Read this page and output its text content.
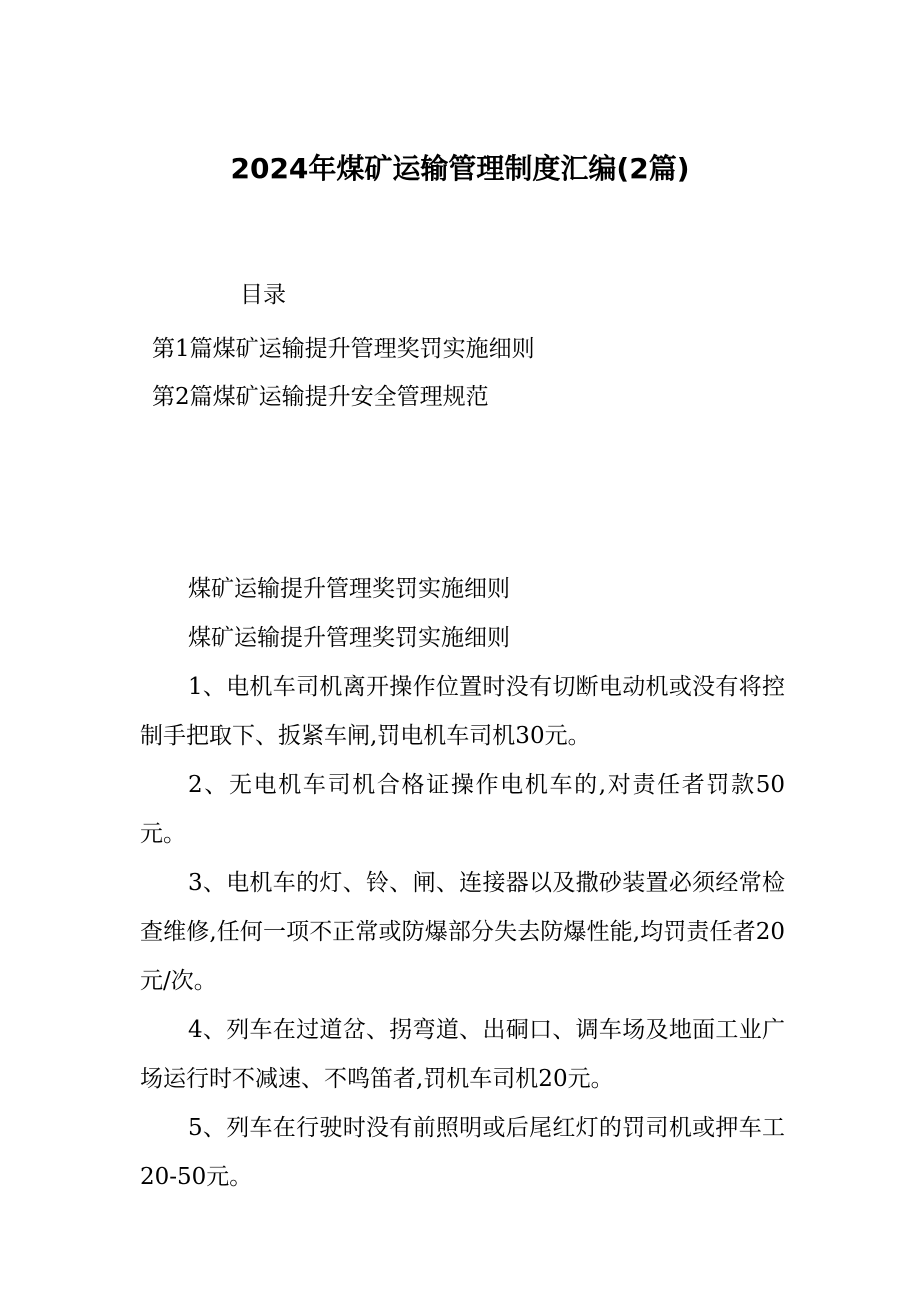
2024年煤矿运输管理制度汇编(2篇)
目录
第1篇煤矿运输提升管理奖罚实施细则
第2篇煤矿运输提升安全管理规范

煤矿运输提升管理奖罚实施细则

煤矿运输提升管理奖罚实施细则

1、电机车司机离开操作位置时没有切断电动机或没有将控制手把取下、扳紧车闸,罚电机车司机30元。

2、无电机车司机合格证操作电机车的,对责任者罚款50元。

3、电机车的灯、铃、闸、连接器以及撒砂装置必须经常检查维修,任何一项不正常或防爆部分失去防爆性能,均罚责任者20元/次。

4、列车在过道岔、拐弯道、出硐口、调车场及地面工业广场运行时不减速、不鸣笛者,罚机车司机20元。

5、列车在行驶时没有前照明或后尾红灯的罚司机或押车工 20-50元。
